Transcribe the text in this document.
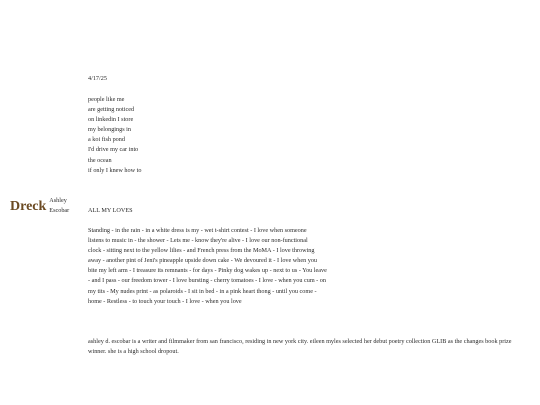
4/17/25
people like me
are getting noticed
on linkedin I store
my belongings in
a koi fish pond
I'd drive my car into
the ocean
if only I knew how to
Dreck Ashley
Escobar	ALL MY LOVES
Standing - in the rain - in a white dress is my - wet t-shirt contest - I love when someone
listens to music in - the shower - Lets me - know they're alive - I love our non-functional
clock - sitting next to the yellow lilies - and French press from the MoMA - I love throwing
away - another pint of Jeni's pineapple upside down cake - We devoured it - I love when you
bite my left arm - I treasure its remnants - for days - Pinky dog wakes up - next to us - You leave
- and I pass - our freedom tower - I love bursting - cherry tomatoes - I love - when you cum - on
my tits - My nudes print - as polaroids - I sit in bed - in a pink heart thong - until you come -
home - Restless - to touch your touch - I love - when you love
ashley d. escobar is a writer and filmmaker from san francisco, residing in new york city. eileen myles selected her debut poetry collection GLIB as the changes book prize winner. she is a high school dropout.
